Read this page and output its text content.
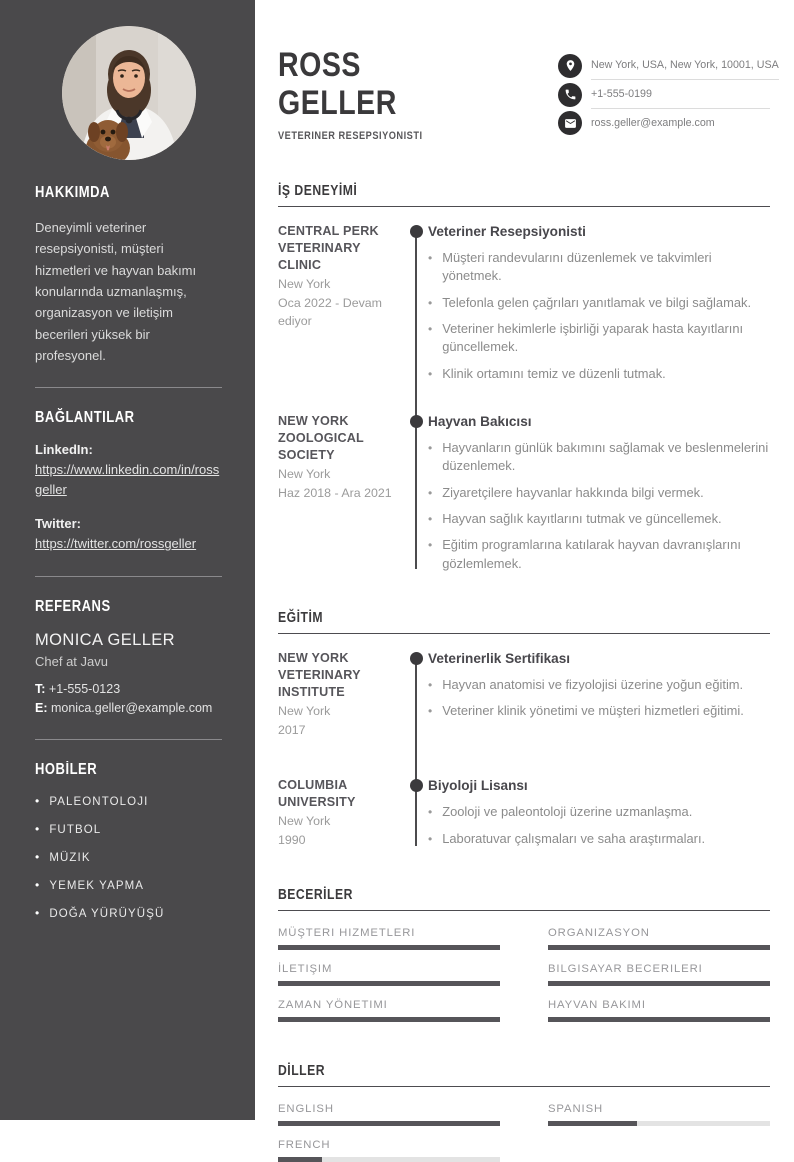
HAKKIMDA

Deneyimli veteriner resepsiyonisti, müşteri hizmetleri ve hayvan bakımı konularında uzmanlaşmış, organizasyon ve iletişim becerileri yüksek bir profesyonel.

BAĞLANTILAR
LinkedIn:
https://www.linkedin.com/in/rossgeller
Twitter:
https://twitter.com/rossgeller
REFERANS
MONICA GELLER
Chef at Javu
T: +1-555-0123
E: monica.geller@example.com
HOBİLER
• PALEONTOLOJI
• FUTBOL
• MÜZIK
• YEMEK YAPMA
• DOĞA YÜRÜYÜŞÜ
ROSS
GELLER
VETERINER RESEPSIYONISTI
New York, USA, New York, 10001, USA
+1-555-0199
ross.geller@example.com
İŞ DENEYİMİ
CENTRAL PERK VETERINARY CLINIC
New York
Oca 2022 - Devam ediyor
Veteriner Resepsiyonisti
• Müşteri randevularını düzenlemek ve takvimleri yönetmek.
• Telefonla gelen çağrıları yanıtlamak ve bilgi sağlamak.
• Veteriner hekimlerle işbirliği yaparak hasta kayıtlarını güncellemek.
• Klinik ortamını temiz ve düzenli tutmak.
NEW YORK ZOOLOGICAL SOCIETY
New York
Haz 2018 - Ara 2021
Hayvan Bakıcısı
• Hayvanların günlük bakımını sağlamak ve beslenmelerini düzenlemek.
• Ziyaretçilere hayvanlar hakkında bilgi vermek.
• Hayvan sağlık kayıtlarını tutmak ve güncellemek.
• Eğitim programlarına katılarak hayvan davranışlarını gözlemlemek.
EĞİTİM
NEW YORK VETERINARY INSTITUTE
New York
2017
Veterinerlik Sertifikası
• Hayvan anatomisi ve fizyolojisi üzerine yoğun eğitim.
• Veteriner klinik yönetimi ve müşteri hizmetleri eğitimi.
COLUMBIA UNIVERSITY
New York
1990
Biyoloji Lisansı
• Zooloji ve paleontoloji üzerine uzmanlaşma.
• Laboratuvar çalışmaları ve saha araştırmaları.
BECERİLER
MÜŞTERI HIZMETLERI	ORGANIZASYON
İLETIŞIM	BILGISAYAR BECERILERI
ZAMAN YÖNETIMI	HAYVAN BAKIMI
DİLLER
ENGLISH	SPANISH
FRENCH
